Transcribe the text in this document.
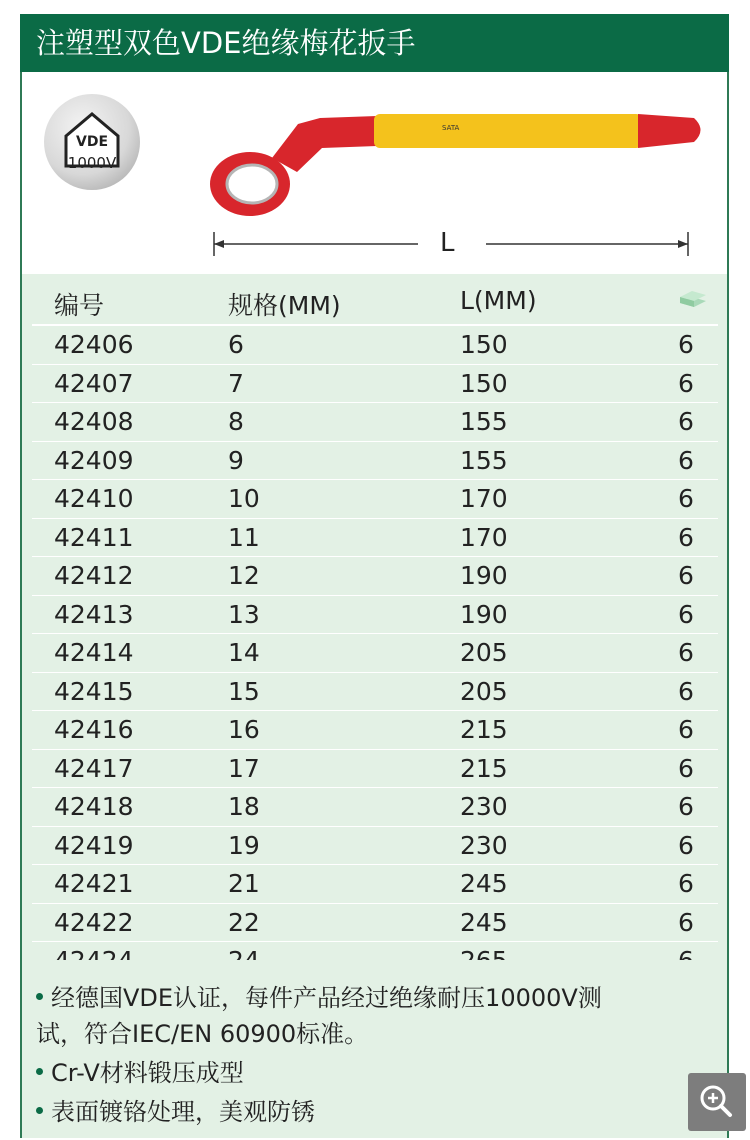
注塑型双色VDE绝缘梅花扳手
VDE
1000V
SATA
L
编号	规格(MM)	L(MM)
42406	6	150	6
42407	7	150	6
42408	8	155	6
42409	9	155	6
42410	10	170	6
42411	11	170	6
42412	12	190	6
42413	13	190	6
42414	14	205	6
42415	15	205	6
42416	16	215	6
42417	17	215	6
42418	18	230	6
42419	19	230	6
42421	21	245	6
42422	22	245	6
经德国VDE认证，每件产品经过绝缘耐压10000V测
试，符合IEC/EN 60900标准。
Cr-V材料锻压成型
表面镀铬处理，美观防锈
